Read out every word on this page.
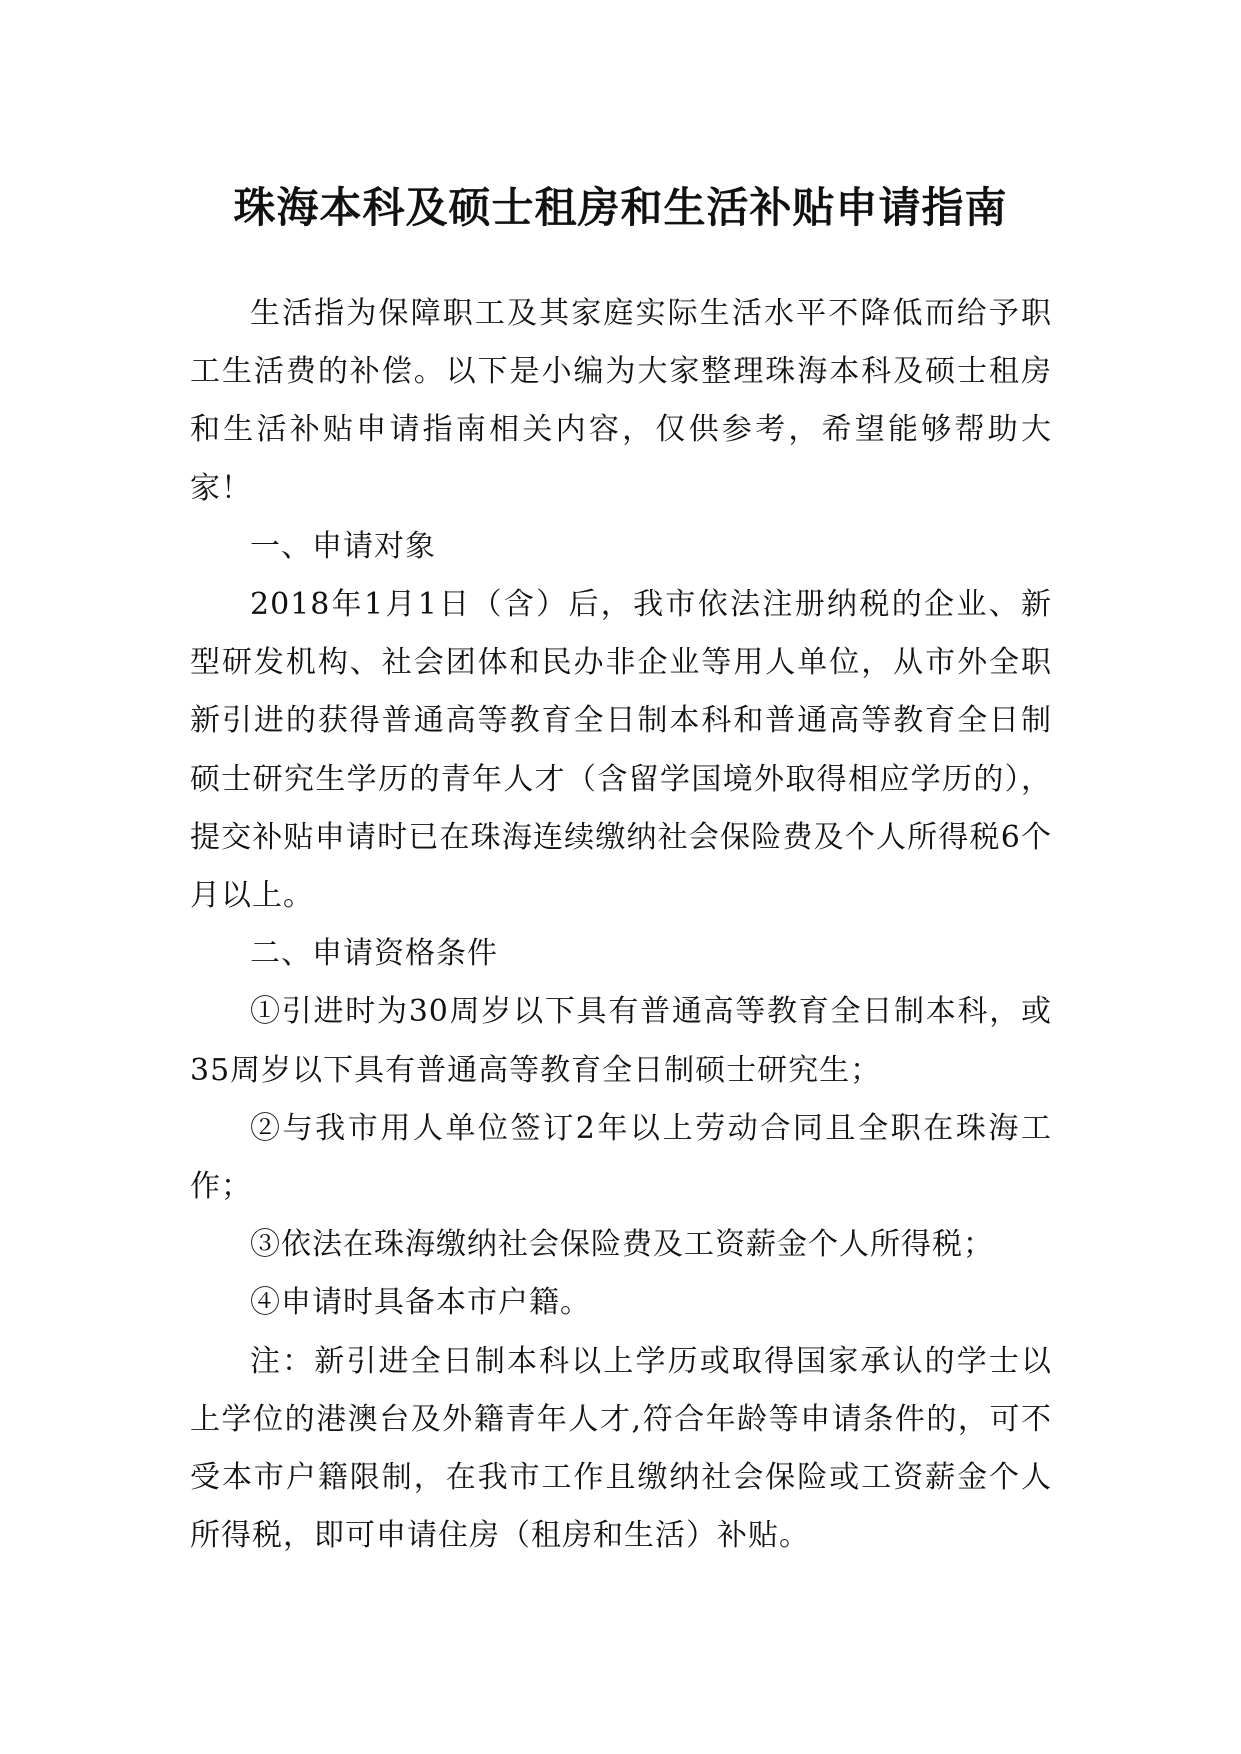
珠海本科及硕士租房和生活补贴申请指南

生活指为保障职工及其家庭实际生活水平不降低而给予职工生活费的补偿。以下是小编为大家整理珠海本科及硕士租房和生活补贴申请指南相关内容，仅供参考，希望能够帮助大家！

一、申请对象

2018年1月1日（含）后，我市依法注册纳税的企业、新型研发机构、社会团体和民办非企业等用人单位，从市外全职新引进的获得普通高等教育全日制本科和普通高等教育全日制硕士研究生学历的青年人才（含留学国境外取得相应学历的），提交补贴申请时已在珠海连续缴纳社会保险费及个人所得税6个月以上。

二、申请资格条件

①引进时为30周岁以下具有普通高等教育全日制本科，或35周岁以下具有普通高等教育全日制硕士研究生；

②与我市用人单位签订2年以上劳动合同且全职在珠海工作；

③依法在珠海缴纳社会保险费及工资薪金个人所得税；

④申请时具备本市户籍。

注：新引进全日制本科以上学历或取得国家承认的学士以上学位的港澳台及外籍青年人才,符合年龄等申请条件的，可不受本市户籍限制，在我市工作且缴纳社会保险或工资薪金个人所得税，即可申请住房（租房和生活）补贴。
